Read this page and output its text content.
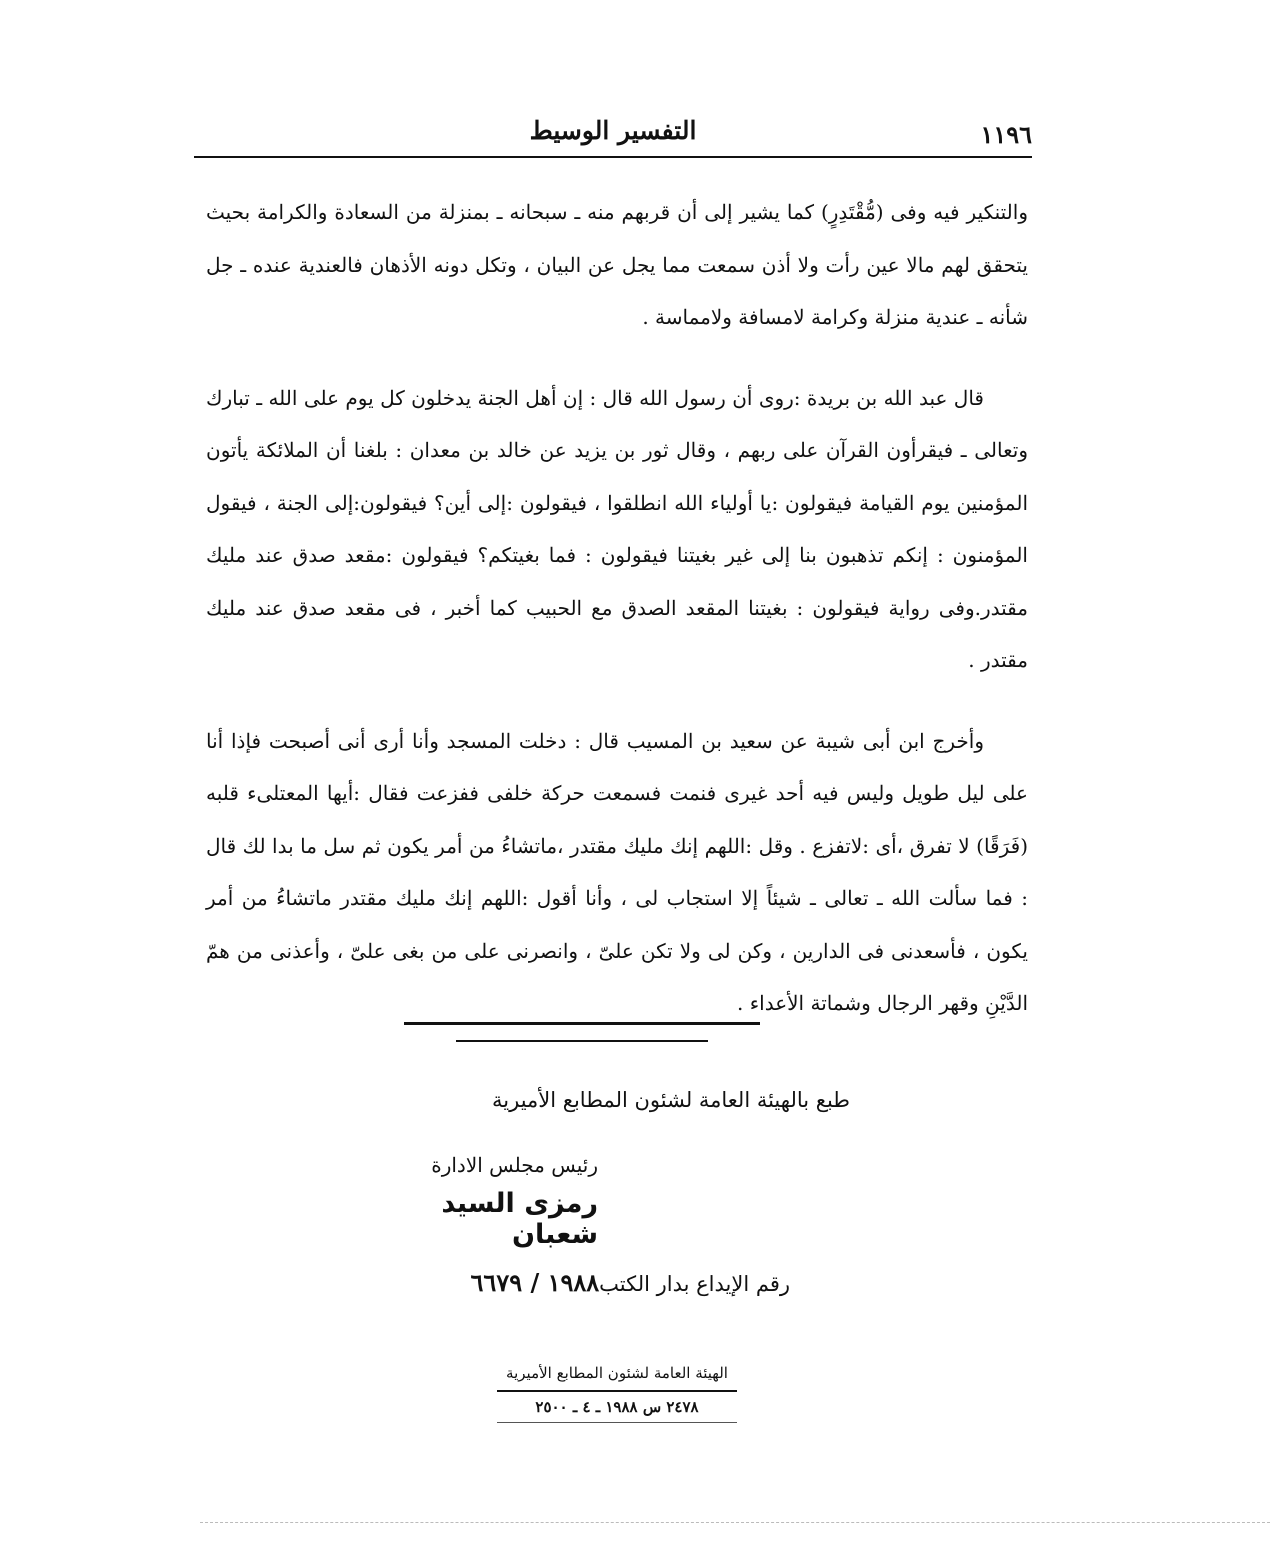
التفسير الوسيط	١١٩٦

والتنكير فيه وفى (مُّقْتَدِرٍ) كما يشير إلى أن قربهم منه ـ سبحانه ـ بمنزلة من السعادة والكرامة بحيث يتحقق لهم مالا عين رأت ولا أذن سمعت مما يجل عن البيان ، وتكل دونه الأذهان فالعندية عنده ـ جل شأنه ـ عندية منزلة وكرامة لامسافة ولامماسة .

قال عبد الله بن بريدة :روى أن رسول الله قال : إن أهل الجنة يدخلون كل يوم على الله ـ تبارك وتعالى ـ فيقرأون القرآن على ربهم ، وقال ثور بن يزيد عن خالد بن معدان : بلغنا أن الملائكة يأتون المؤمنين يوم القيامة فيقولون :يا أولياء الله انطلقوا ، فيقولون :إلى أين؟ فيقولون:إلى الجنة ، فيقول المؤمنون : إنكم تذهبون بنا إلى غير بغيتنا فيقولون : فما بغيتكم؟ فيقولون :مقعد صدق عند مليك مقتدر.وفى رواية فيقولون : بغيتنا المقعد الصدق مع الحبيب كما أخبر ، فى مقعد صدق عند مليك مقتدر .

وأخرج ابن أبى شيبة عن سعيد بن المسيب قال : دخلت المسجد وأنا أرى أنى أصبحت فإذا أنا على ليل طويل وليس فيه أحد غيرى فنمت فسمعت حركة خلفى ففزعت فقال :أيها المعتلىء قلبه (فَرَقًا) لا تفرق ،أى :لاتفزع . وقل :اللهم إنك مليك مقتدر ،ماتشاءُ من أمر يكون ثم سل ما بدا لك قال : فما سألت الله ـ تعالى ـ شيئاً إلا استجاب لى ، وأنا أقول :اللهم إنك مليك مقتدر ماتشاءُ من أمر يكون ، فأسعدنى فى الدارين ، وكن لى ولا تكن علىّ ، وانصرنى على من بغى علىّ ، وأعذنى من همّ الدَّيْنِ وقهر الرجال وشماتة الأعداء .

طبع بالهيئة العامة لشئون المطابع الأميرية
رئيس مجلس الادارة
رمزى السيد شعبان
رقم الإيداع بدار الكتب١٩٨٨ / ٦٦٧٩
الهيئة العامة لشئون المطابع الأميرية
٢٤٧٨ س ١٩٨٨ ـ ٤ ـ ٢٥٠٠
